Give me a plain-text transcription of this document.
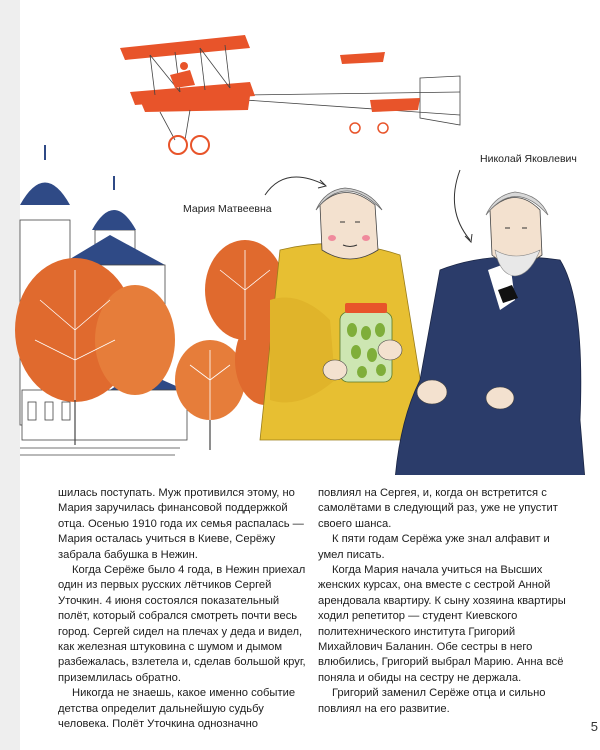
Мария Матвеевна
Николай Яковлевич

шилась поступать. Муж противился этому, но Мария заручилась финансовой поддержкой отца. Осенью 1910 года их семья распалась — Мария осталась учиться в Киеве, Серёжу забрала бабушка в Нежин.

Когда Серёже было 4 года, в Нежин приехал один из первых русских лётчиков Сергей Уточкин. 4 июня состоялся показательный полёт, который собрался смотреть почти весь город. Сергей сидел на плечах у деда и видел, как железная штуковина с шумом и дымом разбежалась, взлетела и, сделав большой круг, приземлилась обратно.

Никогда не знаешь, какое именно событие детства определит дальнейшую судьбу человека. Полёт Уточкина однозначно

повлиял на Сергея, и, когда он встретится с самолётами в следующий раз, уже не упустит своего шанса.

К пяти годам Серёжа уже знал алфавит и умел писать.

Когда Мария начала учиться на Высших женских курсах, она вместе с сестрой Анной арендовала квартиру. К сыну хозяина квартиры ходил репетитор — студент Киевского политехнического института Григорий Михайлович Баланин. Обе сестры в него влюбились, Григорий выбрал Марию. Анна всё поняла и обиды на сестру не держала.

Григорий заменил Серёже отца и сильно повлиял на его развитие.

5
